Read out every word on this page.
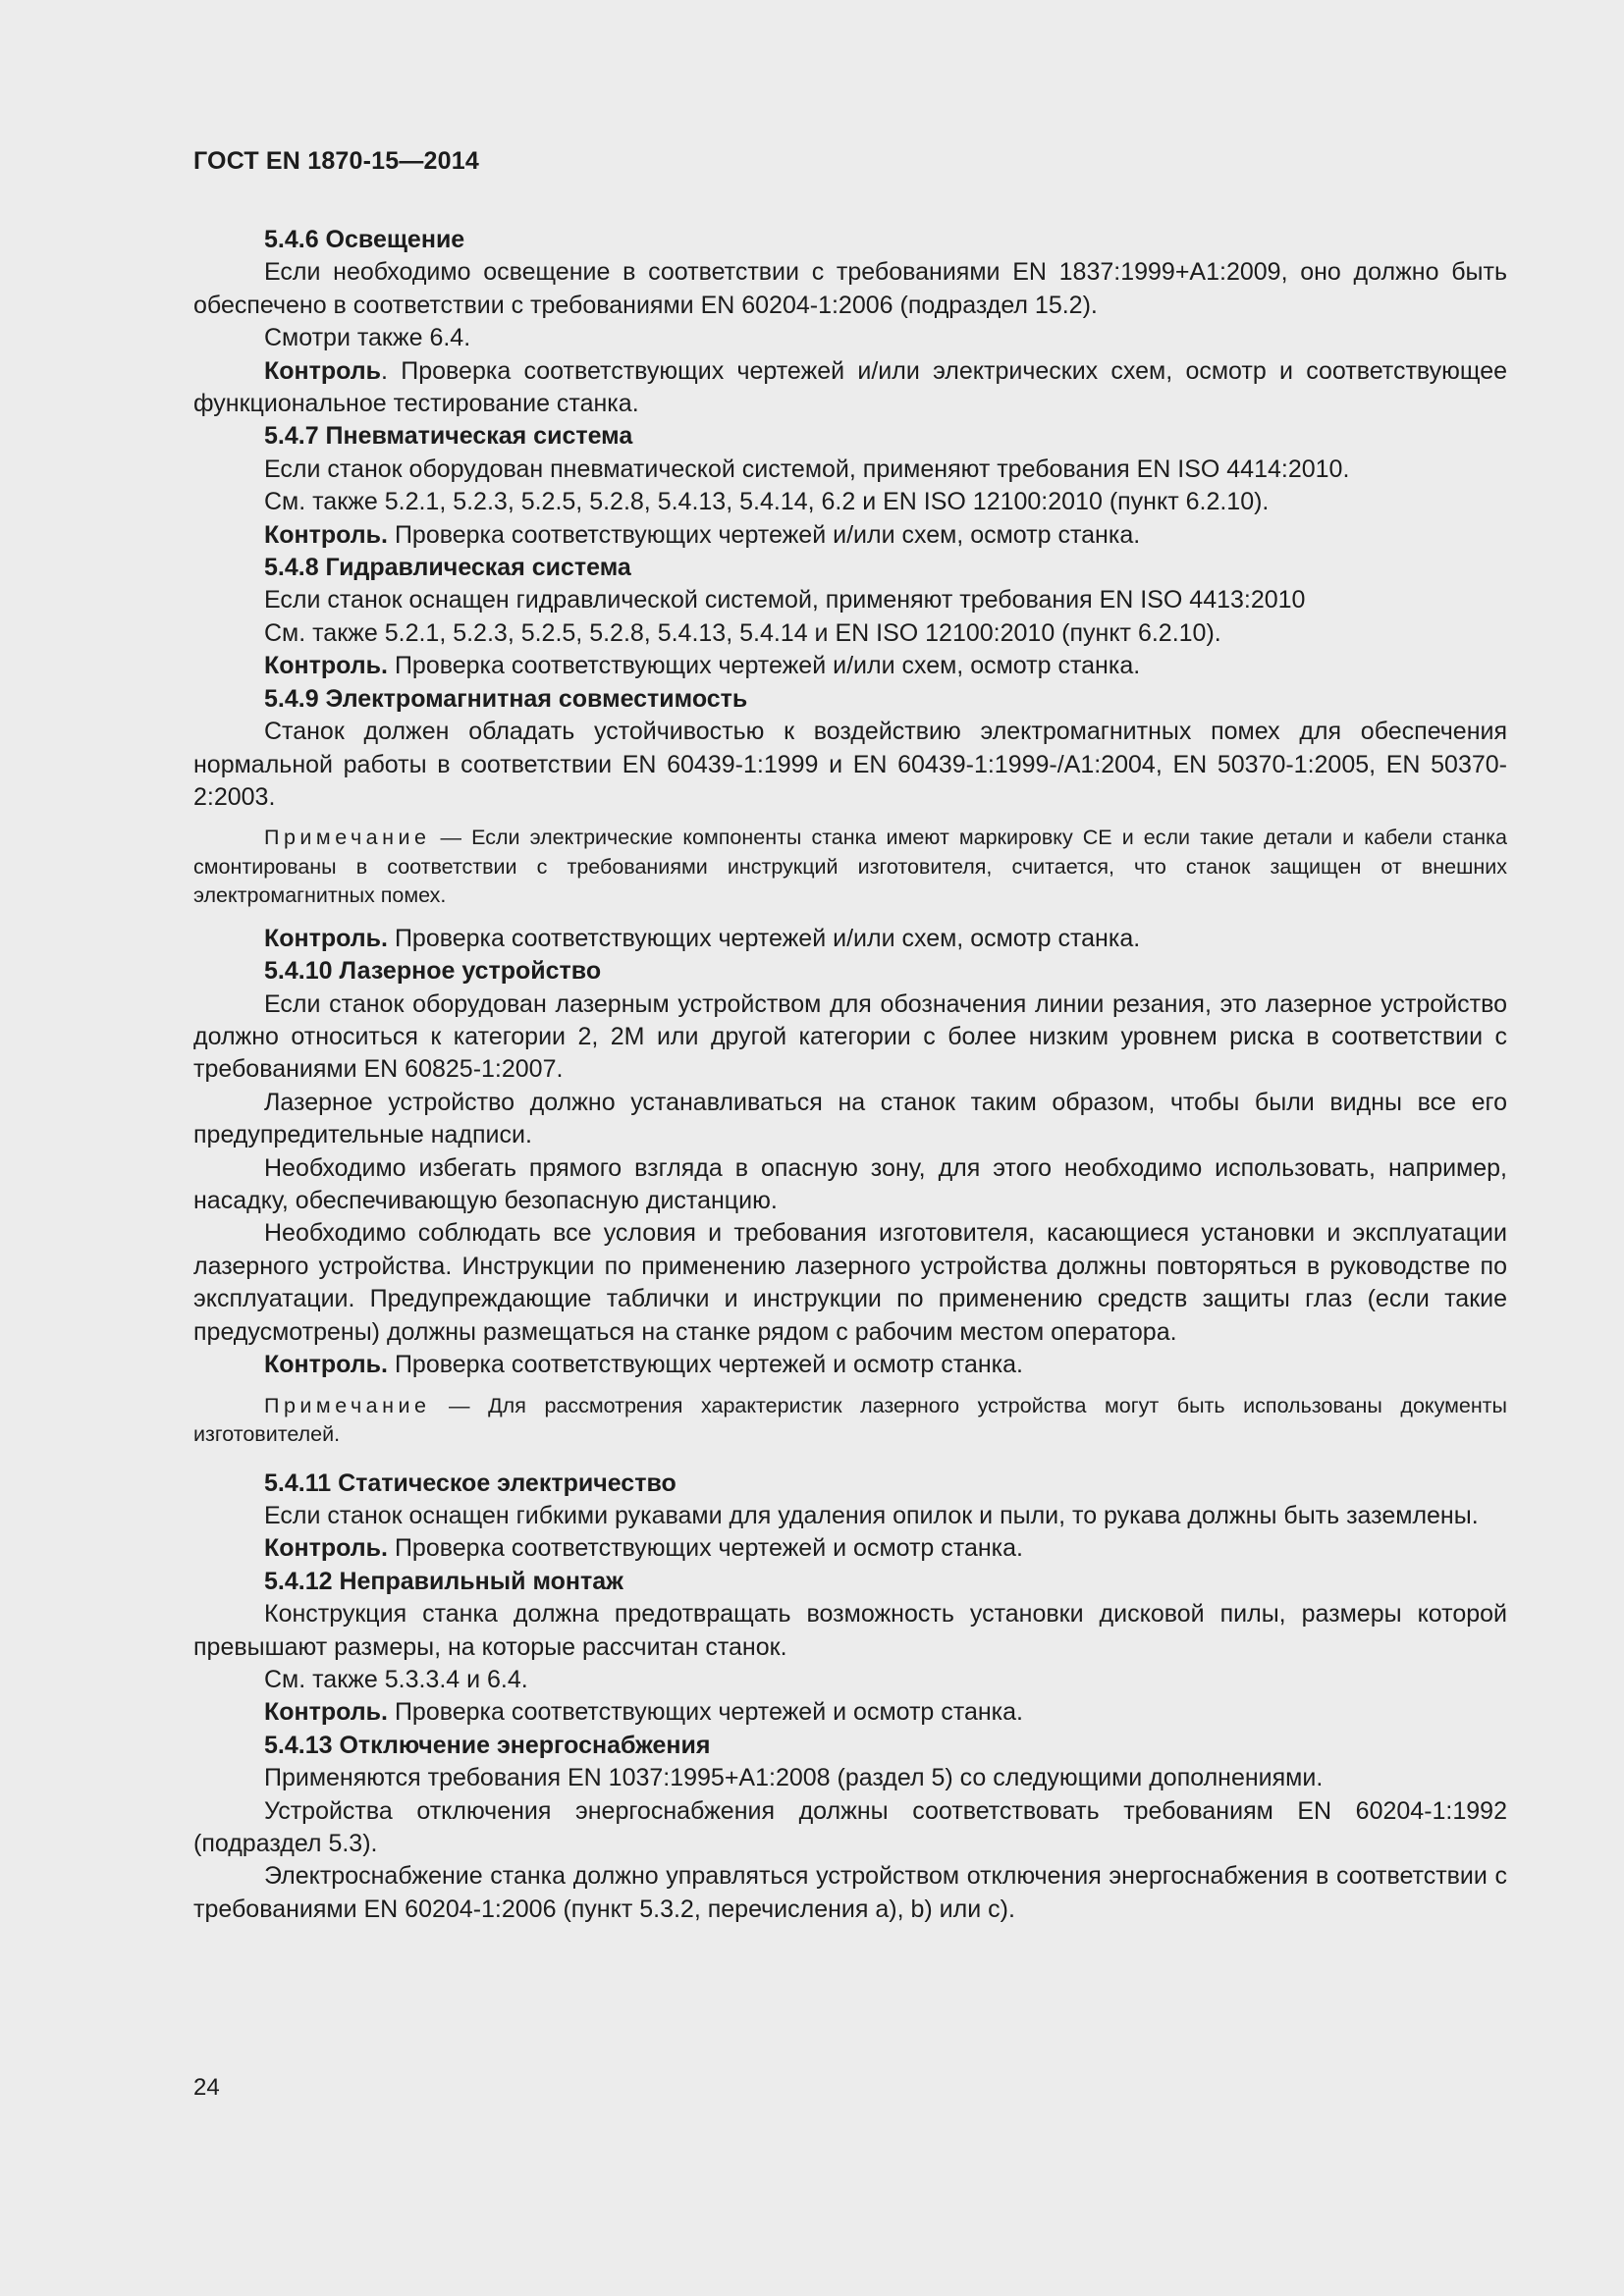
ГОСТ EN 1870-15—2014

5.4.6 Освещение

Если необходимо освещение в соответствии с требованиями EN 1837:1999+А1:2009, оно должно быть обеспечено в соответствии с требованиями EN 60204-1:2006 (подраздел 15.2).

Смотри также 6.4.

Контроль. Проверка соответствующих чертежей и/или электрических схем, осмотр и соответствующее функциональное тестирование станка.

5.4.7 Пневматическая система

Если станок оборудован пневматической системой, применяют требования EN ISO 4414:2010.

См. также 5.2.1, 5.2.3, 5.2.5, 5.2.8, 5.4.13, 5.4.14, 6.2 и EN ISO 12100:2010 (пункт 6.2.10).

Контроль. Проверка соответствующих чертежей и/или схем, осмотр станка.

5.4.8 Гидравлическая система

Если станок оснащен гидравлической системой, применяют требования EN ISO 4413:2010

См. также 5.2.1, 5.2.3, 5.2.5, 5.2.8, 5.4.13, 5.4.14 и EN ISO 12100:2010 (пункт 6.2.10).

Контроль. Проверка соответствующих чертежей и/или схем, осмотр станка.

5.4.9 Электромагнитная совместимость

Станок должен обладать устойчивостью к воздействию электромагнитных помех для обеспечения нормальной работы в соответствии EN 60439-1:1999 и EN 60439-1:1999-/А1:2004, EN 50370-1:2005, EN 50370-2:2003.

Примечание — Если электрические компоненты станка имеют маркировку СЕ и если такие детали и кабели станка смонтированы в соответствии с требованиями инструкций изготовителя, считается, что станок защищен от внешних электромагнитных помех.

Контроль. Проверка соответствующих чертежей и/или схем, осмотр станка.

5.4.10 Лазерное устройство

Если станок оборудован лазерным устройством для обозначения линии резания, это лазерное устройство должно относиться к категории 2, 2М или другой категории с более низким уровнем риска в соответствии с требованиями EN 60825-1:2007.

Лазерное устройство должно устанавливаться на станок таким образом, чтобы были видны все его предупредительные надписи.

Необходимо избегать прямого взгляда в опасную зону, для этого необходимо использовать, например, насадку, обеспечивающую безопасную дистанцию.

Необходимо соблюдать все условия и требования изготовителя, касающиеся установки и эксплуатации лазерного устройства. Инструкции по применению лазерного устройства должны повторяться в руководстве по эксплуатации. Предупреждающие таблички и инструкции по применению средств защиты глаз (если такие предусмотрены) должны размещаться на станке рядом с рабочим местом оператора.

Контроль. Проверка соответствующих чертежей и осмотр станка.

Примечание — Для рассмотрения характеристик лазерного устройства могут быть использованы документы изготовителей.

5.4.11 Статическое электричество

Если станок оснащен гибкими рукавами для удаления опилок и пыли, то рукава должны быть заземлены.

Контроль. Проверка соответствующих чертежей и осмотр станка.

5.4.12 Неправильный монтаж

Конструкция станка должна предотвращать возможность установки дисковой пилы, размеры которой превышают размеры, на которые рассчитан станок.

См. также 5.3.3.4 и 6.4.

Контроль. Проверка соответствующих чертежей и осмотр станка.

5.4.13 Отключение энергоснабжения

Применяются требования EN 1037:1995+А1:2008 (раздел 5) со следующими дополнениями.

Устройства отключения энергоснабжения должны соответствовать требованиям EN 60204-1:1992 (подраздел 5.3).

Электроснабжение станка должно управляться устройством отключения энергоснабжения в соответствии с требованиями EN 60204-1:2006 (пункт 5.3.2, перечисления а), b) или с).

24
